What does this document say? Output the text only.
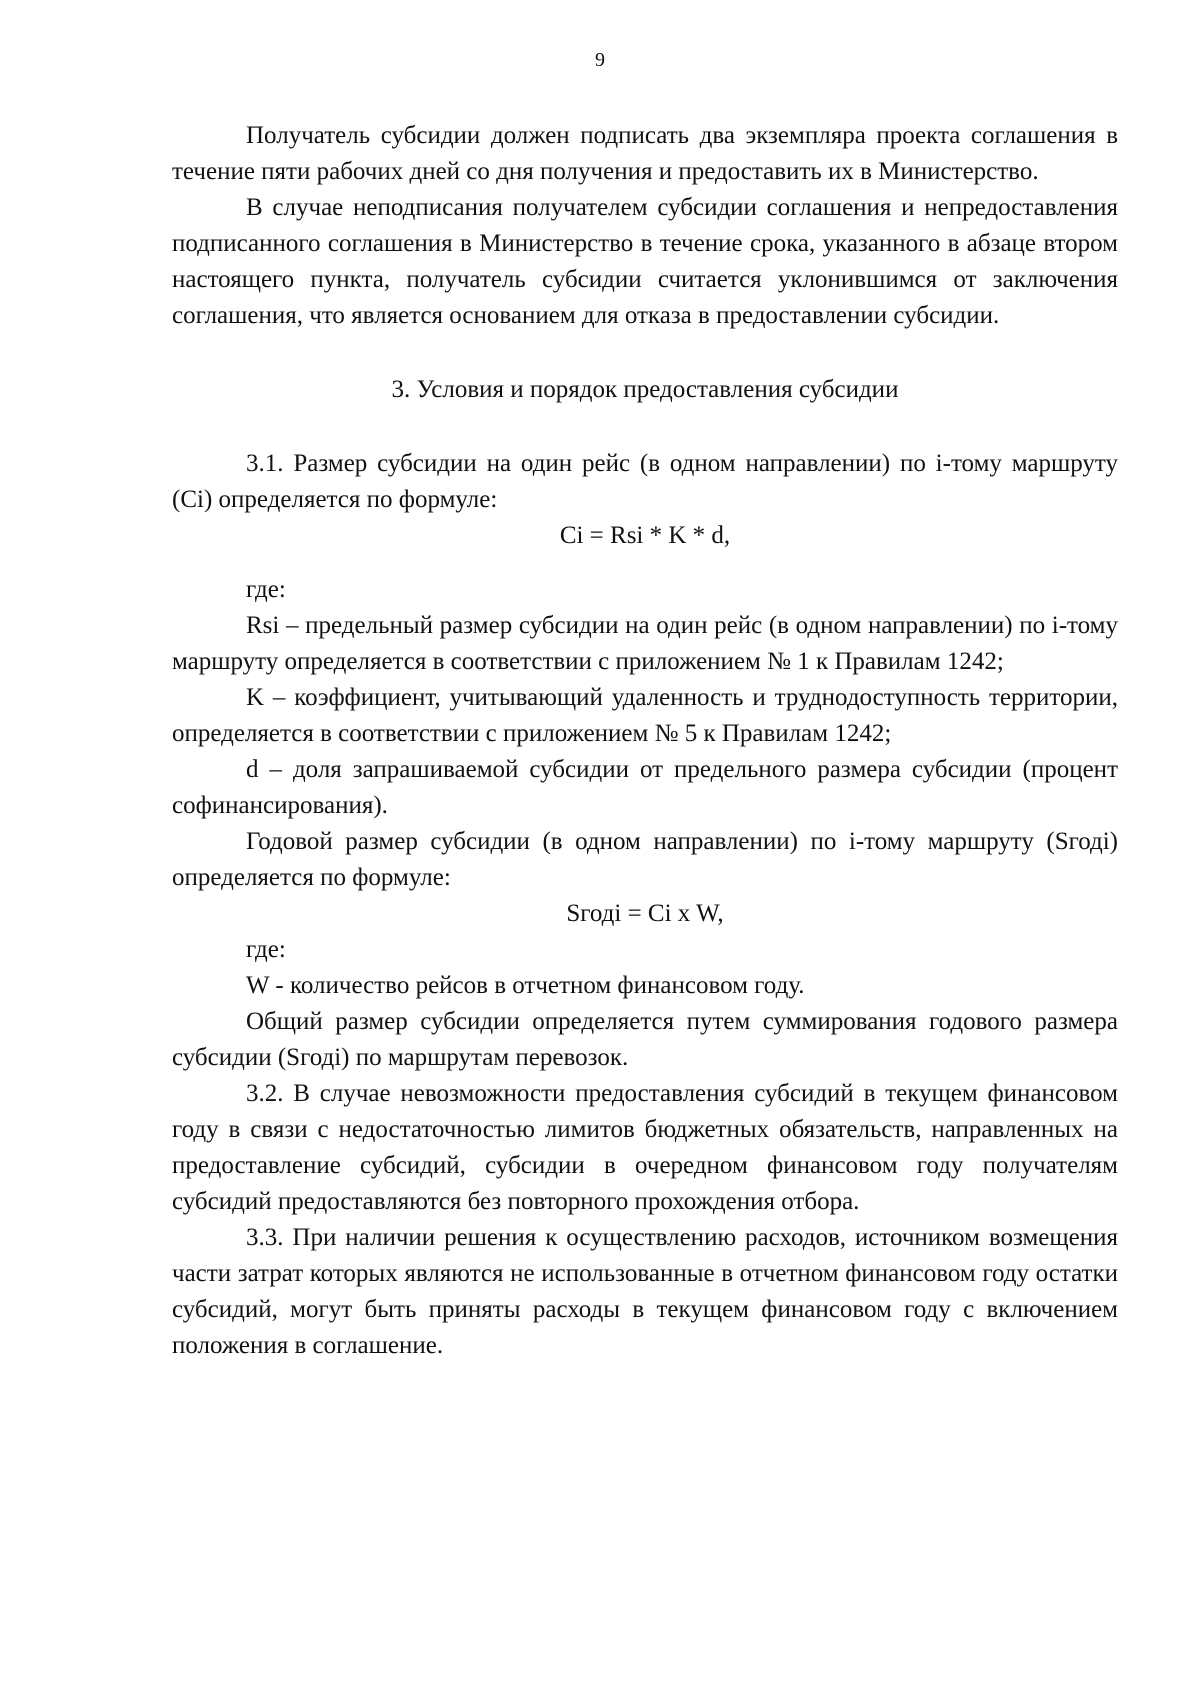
9

Получатель субсидии должен подписать два экземпляра проекта соглашения в течение пяти рабочих дней со дня получения и предоставить их в Министерство.

В случае неподписания получателем субсидии соглашения и непредоставления подписанного соглашения в Министерство в течение срока, указанного в абзаце втором настоящего пункта, получатель субсидии считается уклонившимся от заключения соглашения, что является основанием для отказа в предоставлении субсидии.

3. Условия и порядок предоставления субсидии

3.1. Размер субсидии на один рейс (в одном направлении) по i-тому маршруту (Ci) определяется по формуле:

Ci = Rsi * K * d,

где:

Rsi – предельный размер субсидии на один рейс (в одном направлении) по i-тому маршруту определяется в соответствии с приложением № 1 к Правилам 1242;

K – коэффициент, учитывающий удаленность и труднодоступность территории, определяется в соответствии с приложением № 5 к Правилам 1242;

d – доля запрашиваемой субсидии от предельного размера субсидии (процент софинансирования).

Годовой размер субсидии (в одном направлении) по i-тому маршруту (Sгодi) определяется по формуле:

Sгодi = Ci x W,

где:

W - количество рейсов в отчетном финансовом году.

Общий размер субсидии определяется путем суммирования годового размера субсидии (Sгодi) по маршрутам перевозок.

3.2. В случае невозможности предоставления субсидий в текущем финансовом году в связи с недостаточностью лимитов бюджетных обязательств, направленных на предоставление субсидий, субсидии в очередном финансовом году получателям субсидий предоставляются без повторного прохождения отбора.

3.3. При наличии решения к осуществлению расходов, источником возмещения части затрат которых являются не использованные в отчетном финансовом году остатки субсидий, могут быть приняты расходы в текущем финансовом году с включением положения в соглашение.
